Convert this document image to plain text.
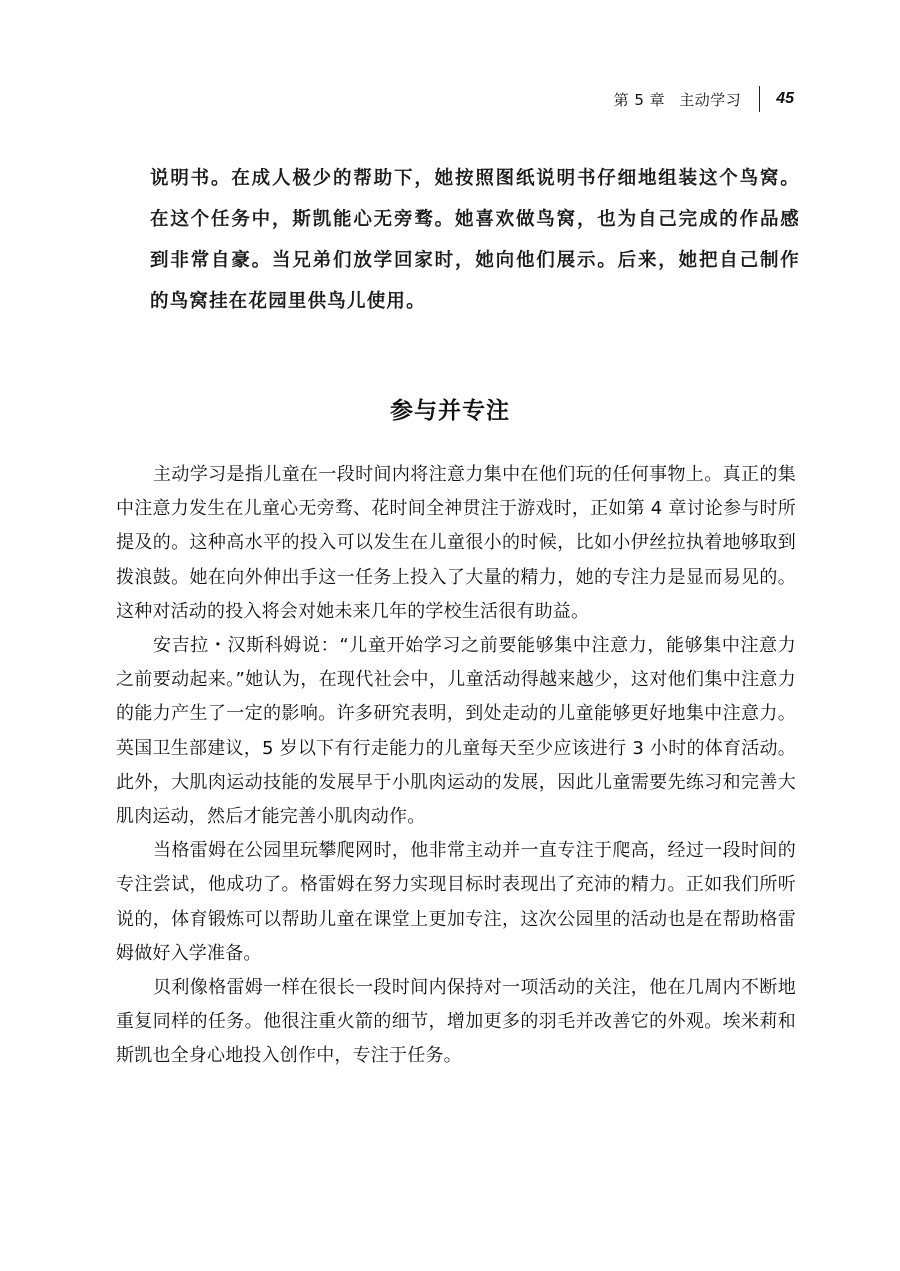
第 5 章 主动学习 45

说明书。在成人极少的帮助下，她按照图纸说明书仔细地组装这个鸟窝。在这个任务中，斯凯能心无旁骛。她喜欢做鸟窝，也为自己完成的作品感到非常自豪。当兄弟们放学回家时，她向他们展示。后来，她把自己制作的鸟窝挂在花园里供鸟儿使用。

参与并专注

主动学习是指儿童在一段时间内将注意力集中在他们玩的任何事物上。真正的集中注意力发生在儿童心无旁骛、花时间全神贯注于游戏时，正如第 4 章讨论参与时所提及的。这种高水平的投入可以发生在儿童很小的时候，比如小伊丝拉执着地够取到拨浪鼓。她在向外伸出手这一任务上投入了大量的精力，她的专注力是显而易见的。这种对活动的投入将会对她未来几年的学校生活很有助益。

安吉拉・汉斯科姆说：“儿童开始学习之前要能够集中注意力，能够集中注意力之前要动起来。”她认为，在现代社会中，儿童活动得越来越少，这对他们集中注意力的能力产生了一定的影响。许多研究表明，到处走动的儿童能够更好地集中注意力。英国卫生部建议，5 岁以下有行走能力的儿童每天至少应该进行 3 小时的体育活动。此外，大肌肉运动技能的发展早于小肌肉运动的发展，因此儿童需要先练习和完善大肌肉运动，然后才能完善小肌肉动作。

当格雷姆在公园里玩攀爬网时，他非常主动并一直专注于爬高，经过一段时间的专注尝试，他成功了。格雷姆在努力实现目标时表现出了充沛的精力。正如我们所听说的，体育锻炼可以帮助儿童在课堂上更加专注，这次公园里的活动也是在帮助格雷姆做好入学准备。

贝利像格雷姆一样在很长一段时间内保持对一项活动的关注，他在几周内不断地重复同样的任务。他很注重火箭的细节，增加更多的羽毛并改善它的外观。埃米莉和斯凯也全身心地投入创作中，专注于任务。
